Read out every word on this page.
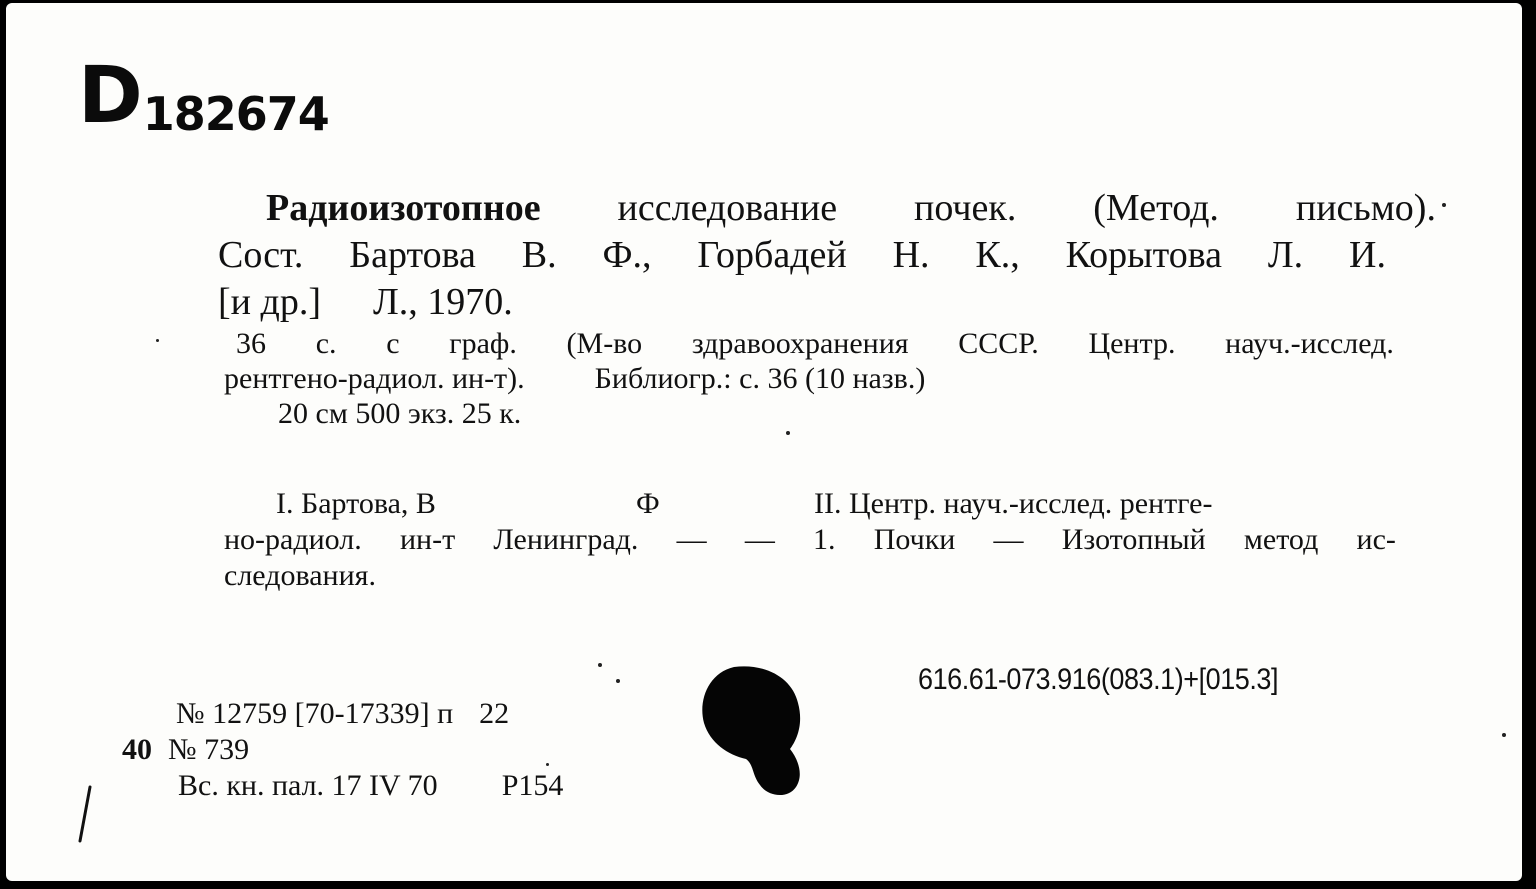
D182674
Радиоизотопное исследование почек. (Метод. письмо).
Сост. Бартова В. Ф., Горбадей Н. К., Корытова Л. И.
[и др.] Л., 1970.
36 с. с граф. (М-во здравоохранения СССР. Центр. науч.-исслед.
рентгено-радиол. ин-т). Библиогр.: с. 36 (10 назв.)
20 см 500 экз. 25 к.
I. Бартова, В	Ф	II. Центр. науч.-исслед. рентге-
но-радиол. ин-т Ленинград. — — 1. Почки — Изотопный метод ис-
следования.
616.61-073.916(083.1)+[015.3]
№ 12759 [70-17339] п 22
40 № 739
Вс. кн. пал. 17 IV 70 Р154
